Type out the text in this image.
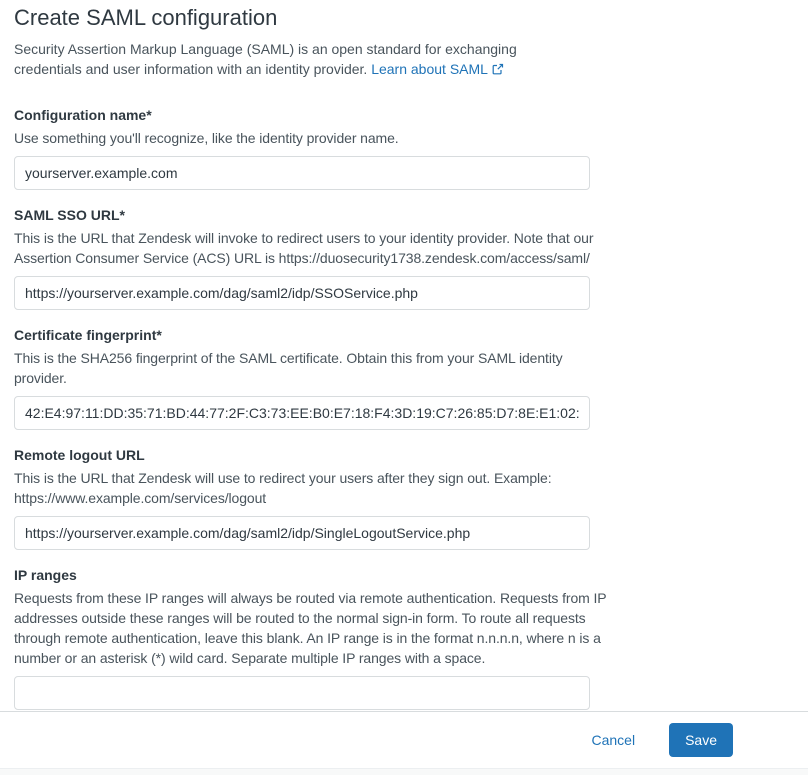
Create SAML configuration

Security Assertion Markup Language (SAML) is an open standard for exchanging
credentials and user information with an identity provider. Learn about SAML

Configuration name*
Use something you'll recognize, like the identity provider name.
yourserver.example.com
SAML SSO URL*
This is the URL that Zendesk will invoke to redirect users to your identity provider. Note that our
Assertion Consumer Service (ACS) URL is https://duosecurity1738.zendesk.com/access/saml/
https://yourserver.example.com/dag/saml2/idp/SSOService.php
Certificate fingerprint*
This is the SHA256 fingerprint of the SAML certificate. Obtain this from your SAML identity
provider.
42:E4:97:11:DD:35:71:BD:44:77:2F:C3:73:EE:B0:E7:18:F4:3D:19:C7:26:85:D7:8E:E1:02:F1:6F:0F
Remote logout URL
This is the URL that Zendesk will use to redirect your users after they sign out. Example:
https://www.example.com/services/logout
https://yourserver.example.com/dag/saml2/idp/SingleLogoutService.php
IP ranges
Requests from these IP ranges will always be routed via remote authentication. Requests from IP
addresses outside these ranges will be routed to the normal sign-in form. To route all requests
through remote authentication, leave this blank. An IP range is in the format n.n.n.n, where n is a
number or an asterisk (*) wild card. Separate multiple IP ranges with a space.
Cancel	Save
